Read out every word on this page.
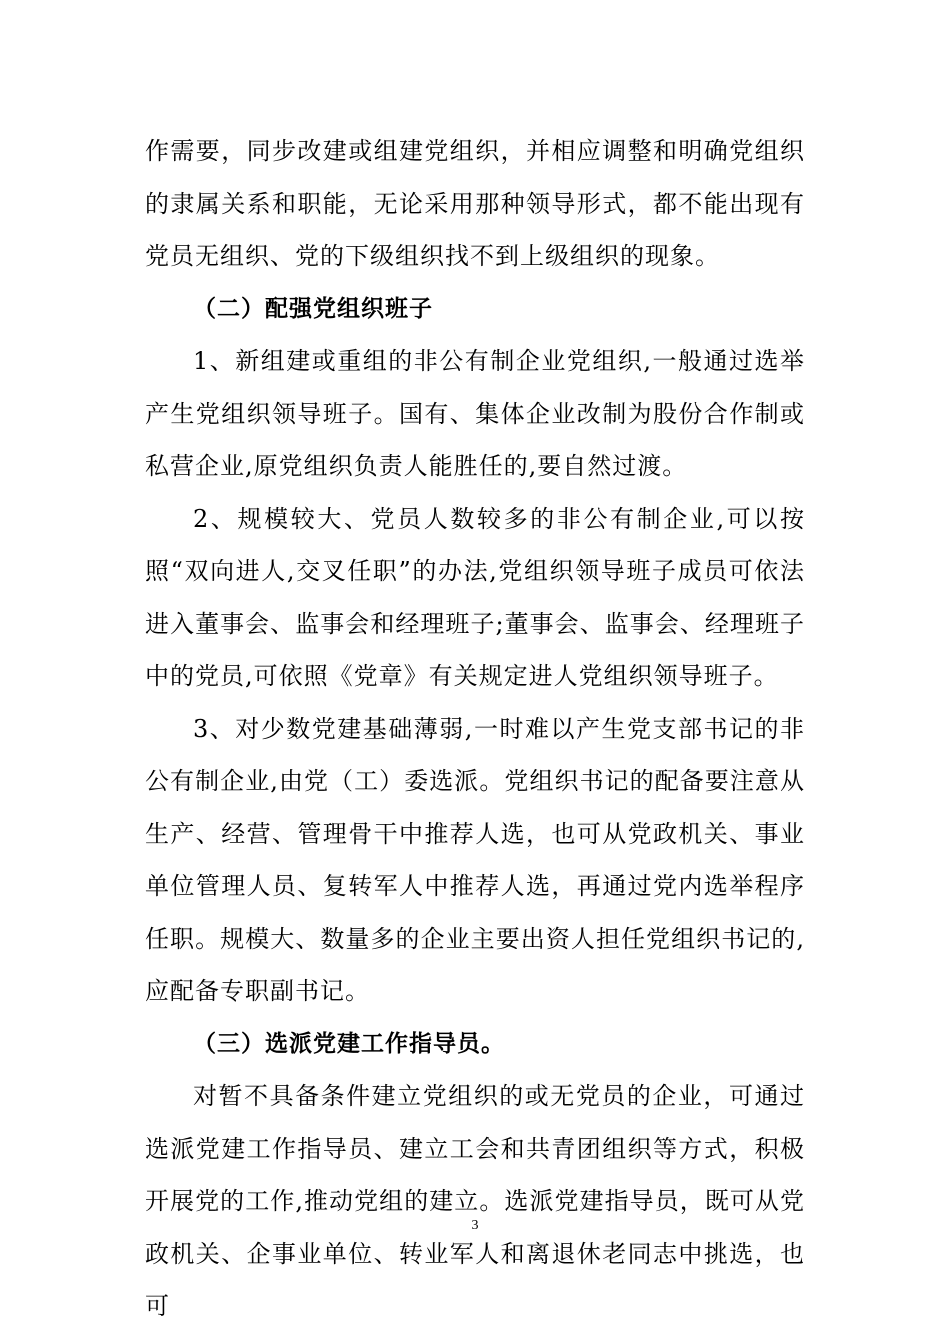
作需要，同步改建或组建党组织，并相应调整和明确党组织的隶属关系和职能，无论采用那种领导形式，都不能出现有党员无组织、党的下级组织找不到上级组织的现象。

（二）配强党组织班子

1、新组建或重组的非公有制企业党组织,一般通过选举产生党组织领导班子。国有、集体企业改制为股份合作制或私营企业,原党组织负责人能胜任的,要自然过渡。

2、规模较大、党员人数较多的非公有制企业,可以按照“双向进人,交叉任职”的办法,党组织领导班子成员可依法进入董事会、监事会和经理班子;董事会、监事会、经理班子中的党员,可依照《党章》有关规定进人党组织领导班子。

3、对少数党建基础薄弱,一时难以产生党支部书记的非公有制企业,由党（工）委选派。党组织书记的配备要注意从生产、经营、管理骨干中推荐人选，也可从党政机关、事业单位管理人员、复转军人中推荐人选，再通过党内选举程序任职。规模大、数量多的企业主要出资人担任党组织书记的,应配备专职副书记。

（三）选派党建工作指导员。

对暂不具备条件建立党组织的或无党员的企业，可通过选派党建工作指导员、建立工会和共青团组织等方式，积极开展党的工作,推动党组的建立。选派党建指导员，既可从党政机关、企事业单位、转业军人和离退休老同志中挑选，也可

3
